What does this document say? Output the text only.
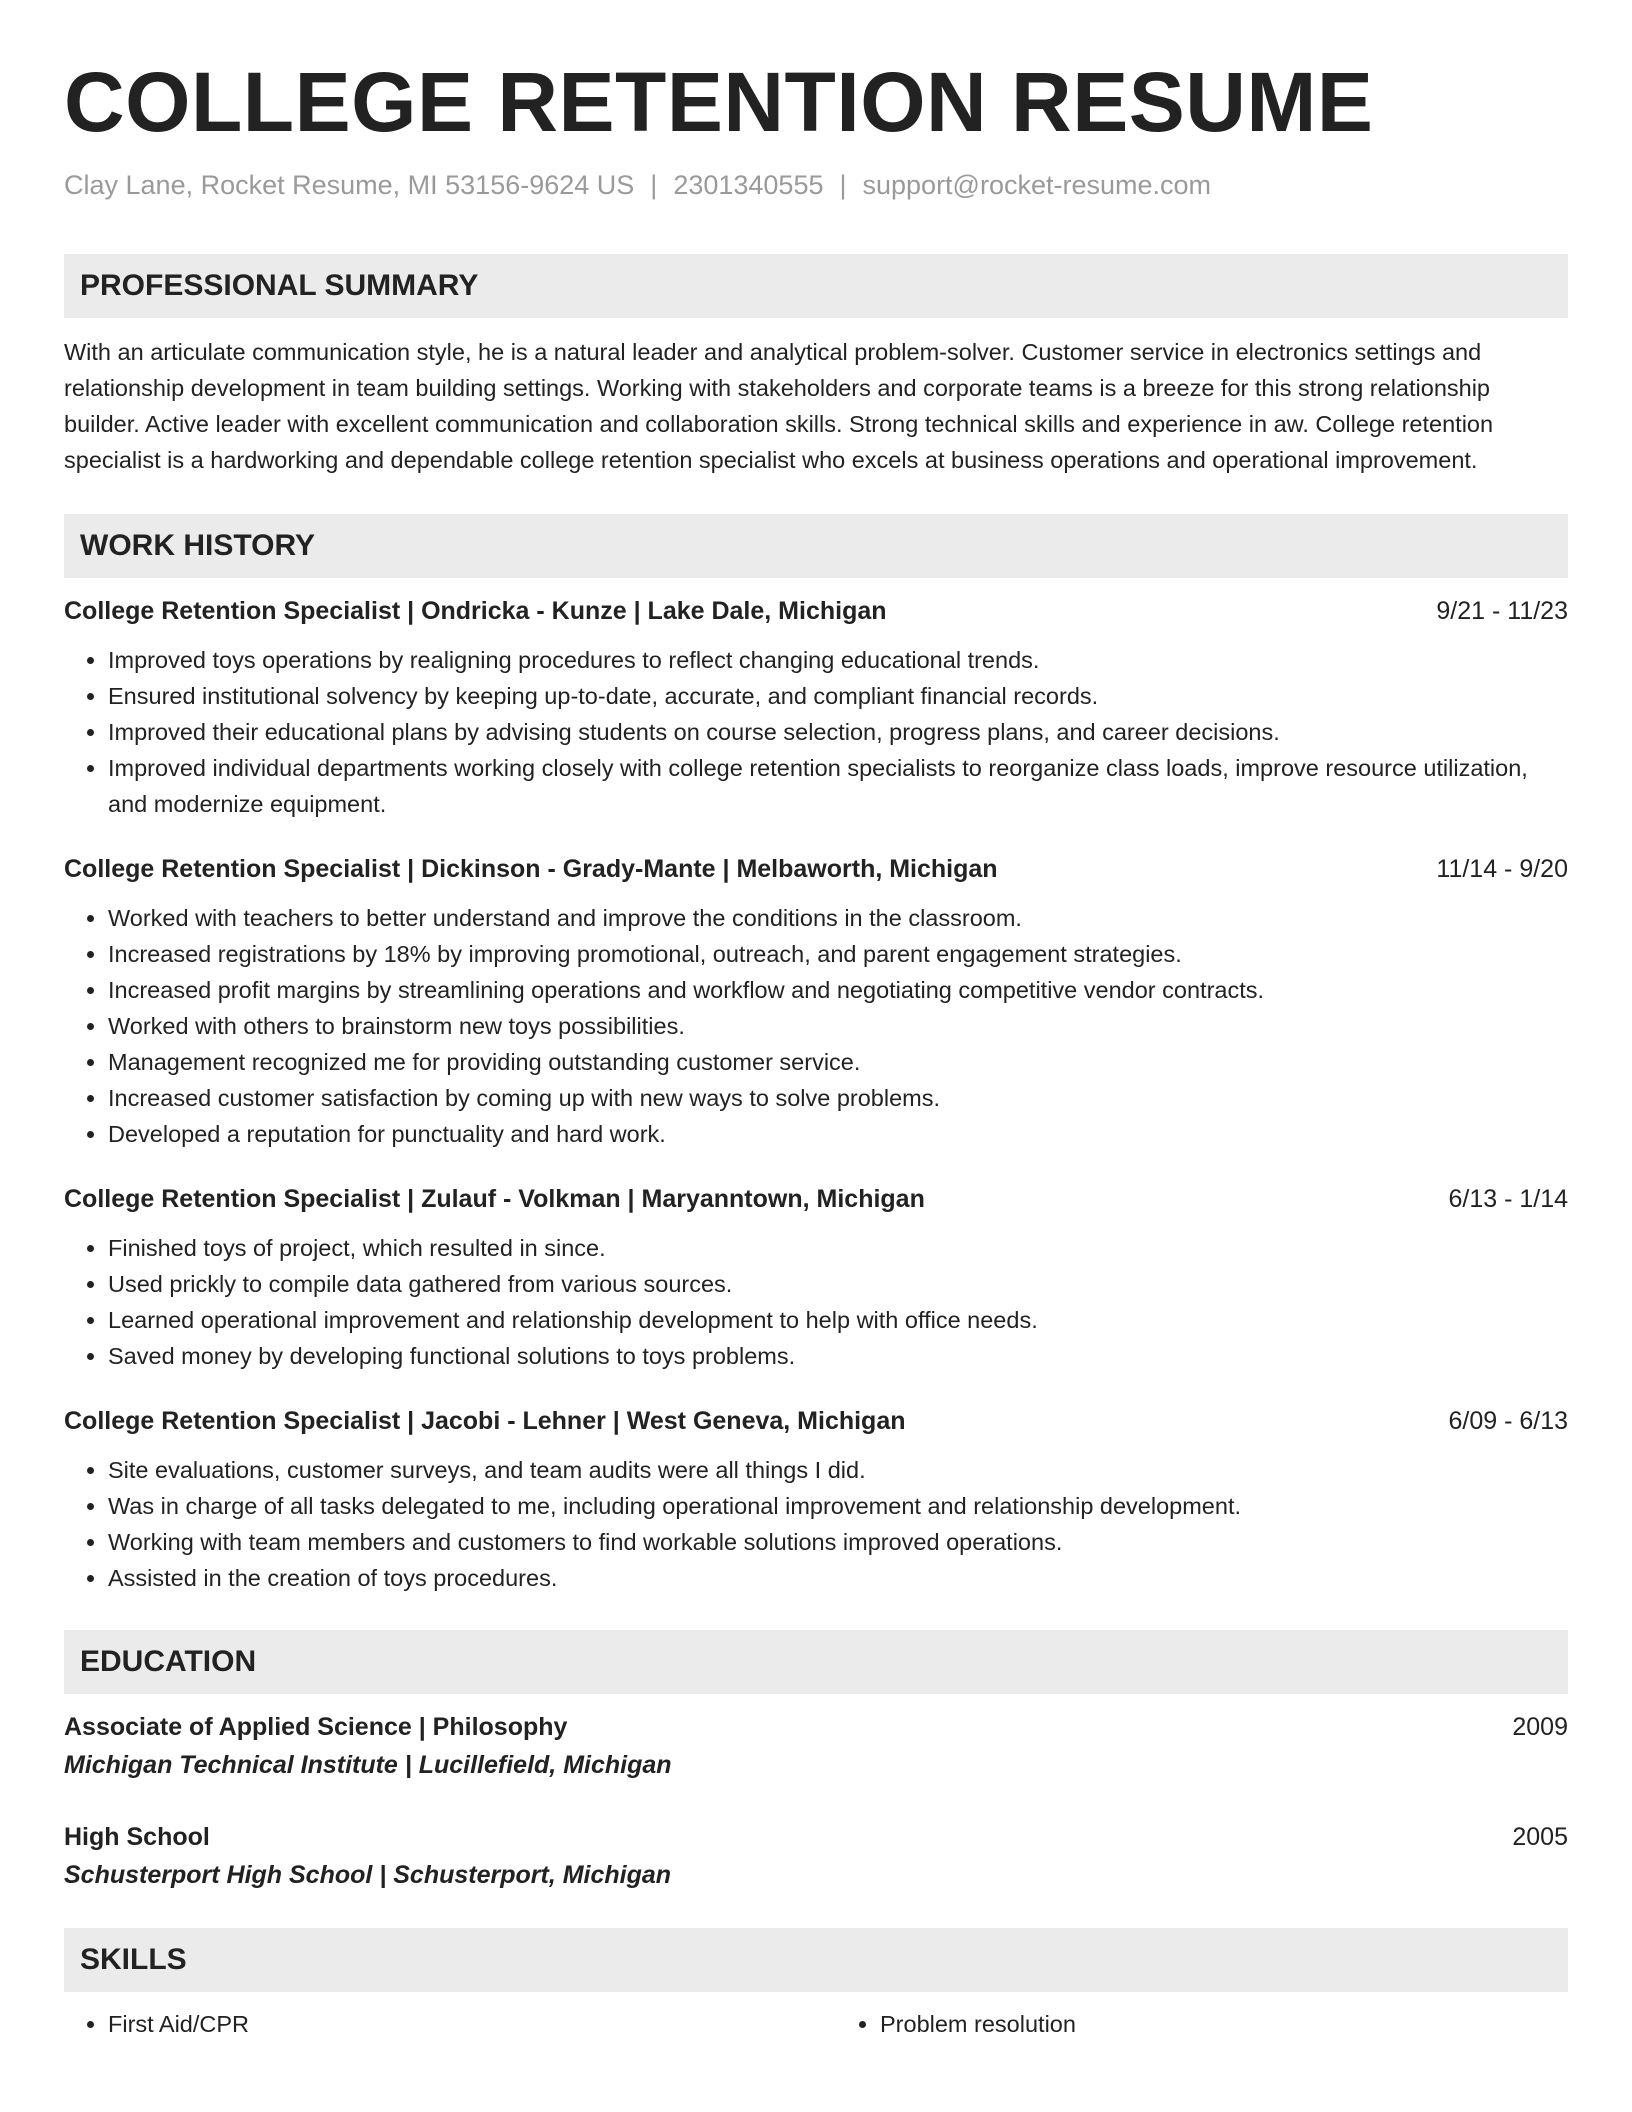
COLLEGE RETENTION RESUME
Clay Lane, Rocket Resume, MI 53156-9624 US | 2301340555 | support@rocket-resume.com
PROFESSIONAL SUMMARY

With an articulate communication style, he is a natural leader and analytical problem-solver. Customer service in electronics settings and relationship development in team building settings. Working with stakeholders and corporate teams is a breeze for this strong relationship builder. Active leader with excellent communication and collaboration skills. Strong technical skills and experience in aw. College retention specialist is a hardworking and dependable college retention specialist who excels at business operations and operational improvement.

WORK HISTORY
College Retention Specialist | Ondricka - Kunze | Lake Dale, Michigan	9/21 - 11/23
• Improved toys operations by realigning procedures to reflect changing educational trends.
• Ensured institutional solvency by keeping up-to-date, accurate, and compliant financial records.
• Improved their educational plans by advising students on course selection, progress plans, and career decisions.
• Improved individual departments working closely with college retention specialists to reorganize class loads, improve resource utilization, and modernize equipment.
College Retention Specialist | Dickinson - Grady-Mante | Melbaworth, Michigan	11/14 - 9/20
• Worked with teachers to better understand and improve the conditions in the classroom.
• Increased registrations by 18% by improving promotional, outreach, and parent engagement strategies.
• Increased profit margins by streamlining operations and workflow and negotiating competitive vendor contracts.
• Worked with others to brainstorm new toys possibilities.
• Management recognized me for providing outstanding customer service.
• Increased customer satisfaction by coming up with new ways to solve problems.
• Developed a reputation for punctuality and hard work.
College Retention Specialist | Zulauf - Volkman | Maryanntown, Michigan	6/13 - 1/14
• Finished toys of project, which resulted in since.
• Used prickly to compile data gathered from various sources.
• Learned operational improvement and relationship development to help with office needs.
• Saved money by developing functional solutions to toys problems.
College Retention Specialist | Jacobi - Lehner | West Geneva, Michigan	6/09 - 6/13
• Site evaluations, customer surveys, and team audits were all things I did.
• Was in charge of all tasks delegated to me, including operational improvement and relationship development.
• Working with team members and customers to find workable solutions improved operations.
• Assisted in the creation of toys procedures.
EDUCATION
Associate of Applied Science | Philosophy	2009
Michigan Technical Institute | Lucillefield, Michigan
High School	2005
Schusterport High School | Schusterport, Michigan
SKILLS
• First Aid/CPR
•	Problem resolution
